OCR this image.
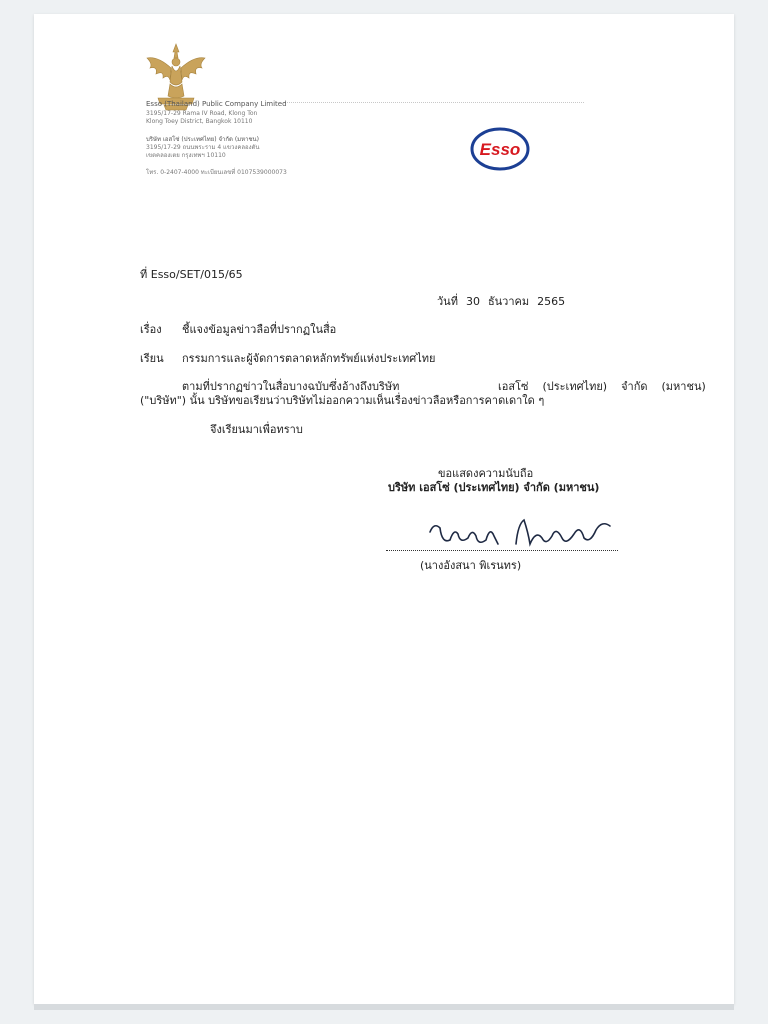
Esso (Thailand) Public Company Limited
3195/17-29 Rama IV Road, Klong Ton
Klong Toey District, Bangkok 10110
บริษัท เอสโซ่ (ประเทศไทย) จำกัด (มหาชน)
3195/17-29 ถนนพระราม 4 แขวงคลองตัน
เขตคลองเตย กรุงเทพฯ 10110
โทร. 0-2407-4000 ทะเบียนเลขที่ 0107539000073
Esso
ที่ Esso/SET/015/65
วันที่ 30 ธันวาคม 2565
เรื่อง ชี้แจงข้อมูลข่าวลือที่ปรากฏในสื่อ
เรียน กรรมการและผู้จัดการตลาดหลักทรัพย์แห่งประเทศไทย
ตามที่ปรากฏข่าวในสื่อบางฉบับซึ่งอ้างถึงบริษัท	เอสโซ่ (ประเทศไทย) จำกัด (มหาชน)
("บริษัท") นั้น บริษัทขอเรียนว่าบริษัทไม่ออกความเห็นเรื่องข่าวลือหรือการคาดเดาใด ๆ
จึงเรียนมาเพื่อทราบ
ขอแสดงความนับถือ
บริษัท เอสโซ่ (ประเทศไทย) จำกัด (มหาชน)
(นางอังสนา พิเรนทร)
